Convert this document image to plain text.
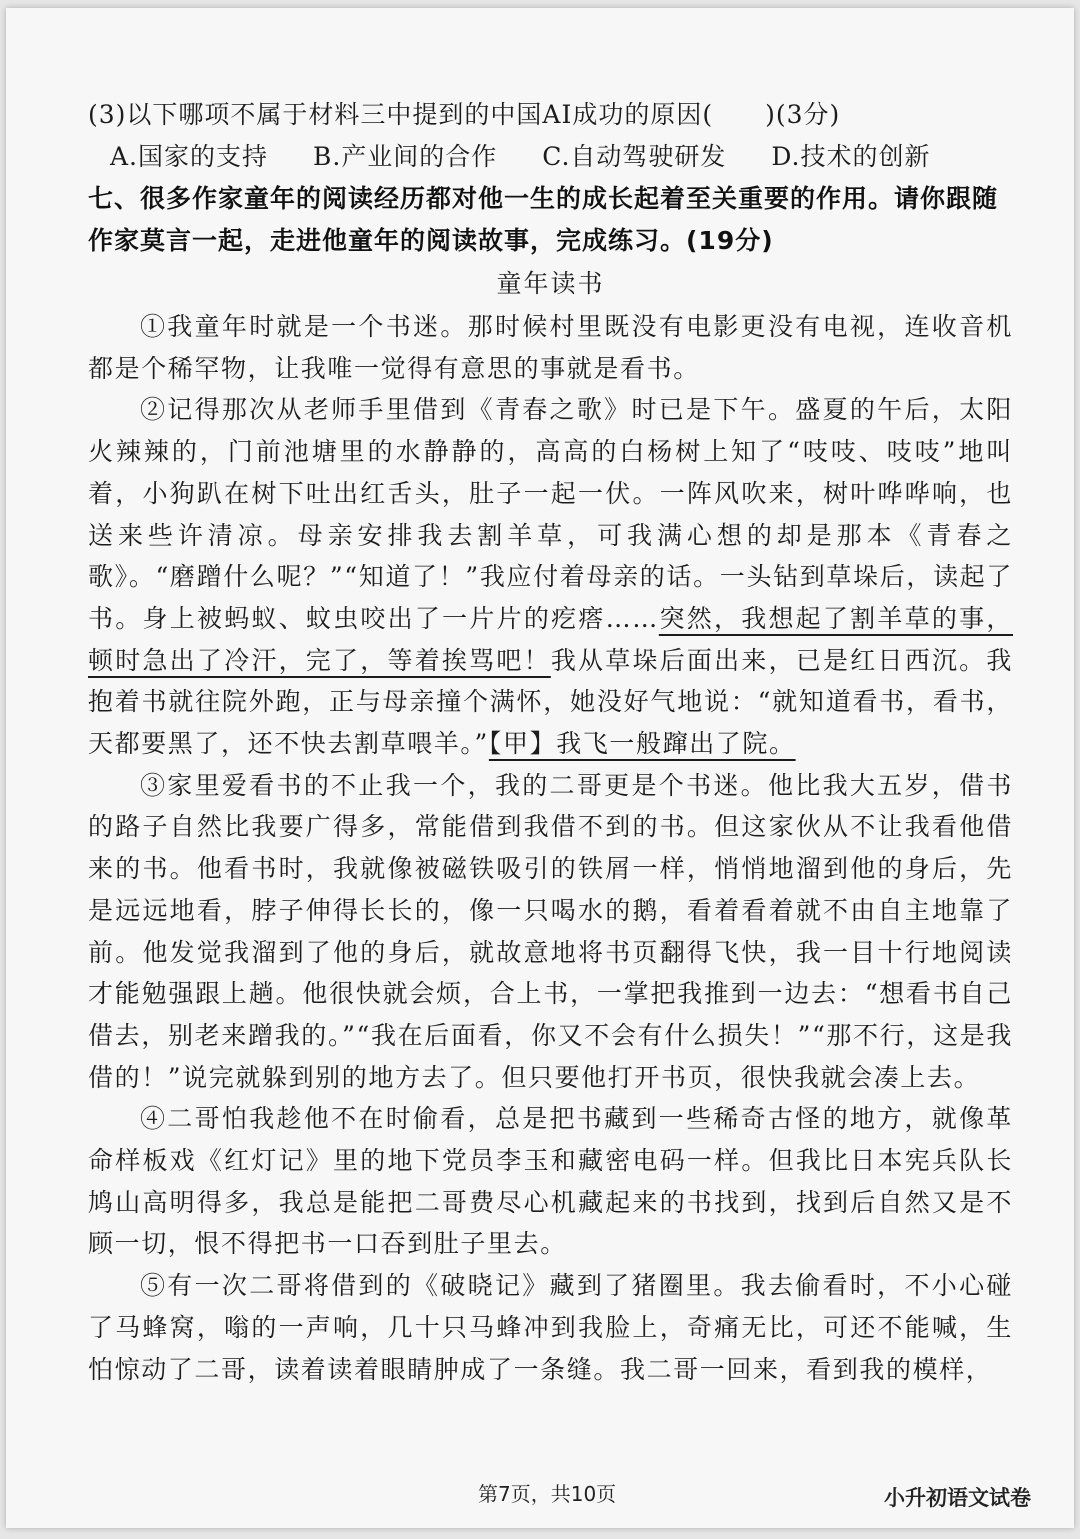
(3)以下哪项不属于材料三中提到的中国AI成功的原因(　　)(3分)

A.国家的支持 B.产业间的合作 C.自动驾驶研发 D.技术的创新

七、很多作家童年的阅读经历都对他一生的成长起着至关重要的作用。请你跟随作家莫言一起，走进他童年的阅读故事，完成练习。(19分)

童年读书

①我童年时就是一个书迷。那时候村里既没有电影更没有电视，连收音机都是个稀罕物，让我唯一觉得有意思的事就是看书。

②记得那次从老师手里借到《青春之歌》时已是下午。盛夏的午后，太阳火辣辣的，门前池塘里的水静静的，高高的白杨树上知了“吱吱、吱吱”地叫着，小狗趴在树下吐出红舌头，肚子一起一伏。一阵风吹来，树叶哗哗响，也送来些许清凉。母亲安排我去割羊草，可我满心想的却是那本《青春之歌》。“磨蹭什么呢？”“知道了！”我应付着母亲的话。一头钻到草垛后，读起了书。身上被蚂蚁、蚊虫咬出了一片片的疙瘩……突然，我想起了割羊草的事，顿时急出了冷汗，完了，等着挨骂吧！我从草垛后面出来，已是红日西沉。我抱着书就往院外跑，正与母亲撞个满怀，她没好气地说：“就知道看书，看书，天都要黑了，还不快去割草喂羊。”【甲】我飞一般蹿出了院。

③家里爱看书的不止我一个，我的二哥更是个书迷。他比我大五岁，借书的路子自然比我要广得多，常能借到我借不到的书。但这家伙从不让我看他借来的书。他看书时，我就像被磁铁吸引的铁屑一样，悄悄地溜到他的身后，先是远远地看，脖子伸得长长的，像一只喝水的鹅，看着看着就不由自主地靠了前。他发觉我溜到了他的身后，就故意地将书页翻得飞快，我一目十行地阅读才能勉强跟上趟。他很快就会烦，合上书，一掌把我推到一边去：“想看书自己借去，别老来蹭我的。”“我在后面看，你又不会有什么损失！”“那不行，这是我借的！”说完就躲到别的地方去了。但只要他打开书页，很快我就会凑上去。

④二哥怕我趁他不在时偷看，总是把书藏到一些稀奇古怪的地方，就像革命样板戏《红灯记》里的地下党员李玉和藏密电码一样。但我比日本宪兵队长鸠山高明得多，我总是能把二哥费尽心机藏起来的书找到，找到后自然又是不顾一切，恨不得把书一口吞到肚子里去。

⑤有一次二哥将借到的《破晓记》藏到了猪圈里。我去偷看时，不小心碰了马蜂窝，嗡的一声响，几十只马蜂冲到我脸上，奇痛无比，可还不能喊，生怕惊动了二哥，读着读着眼睛肿成了一条缝。我二哥一回来，看到我的模样，

第7页，共10页	小升初语文试卷
